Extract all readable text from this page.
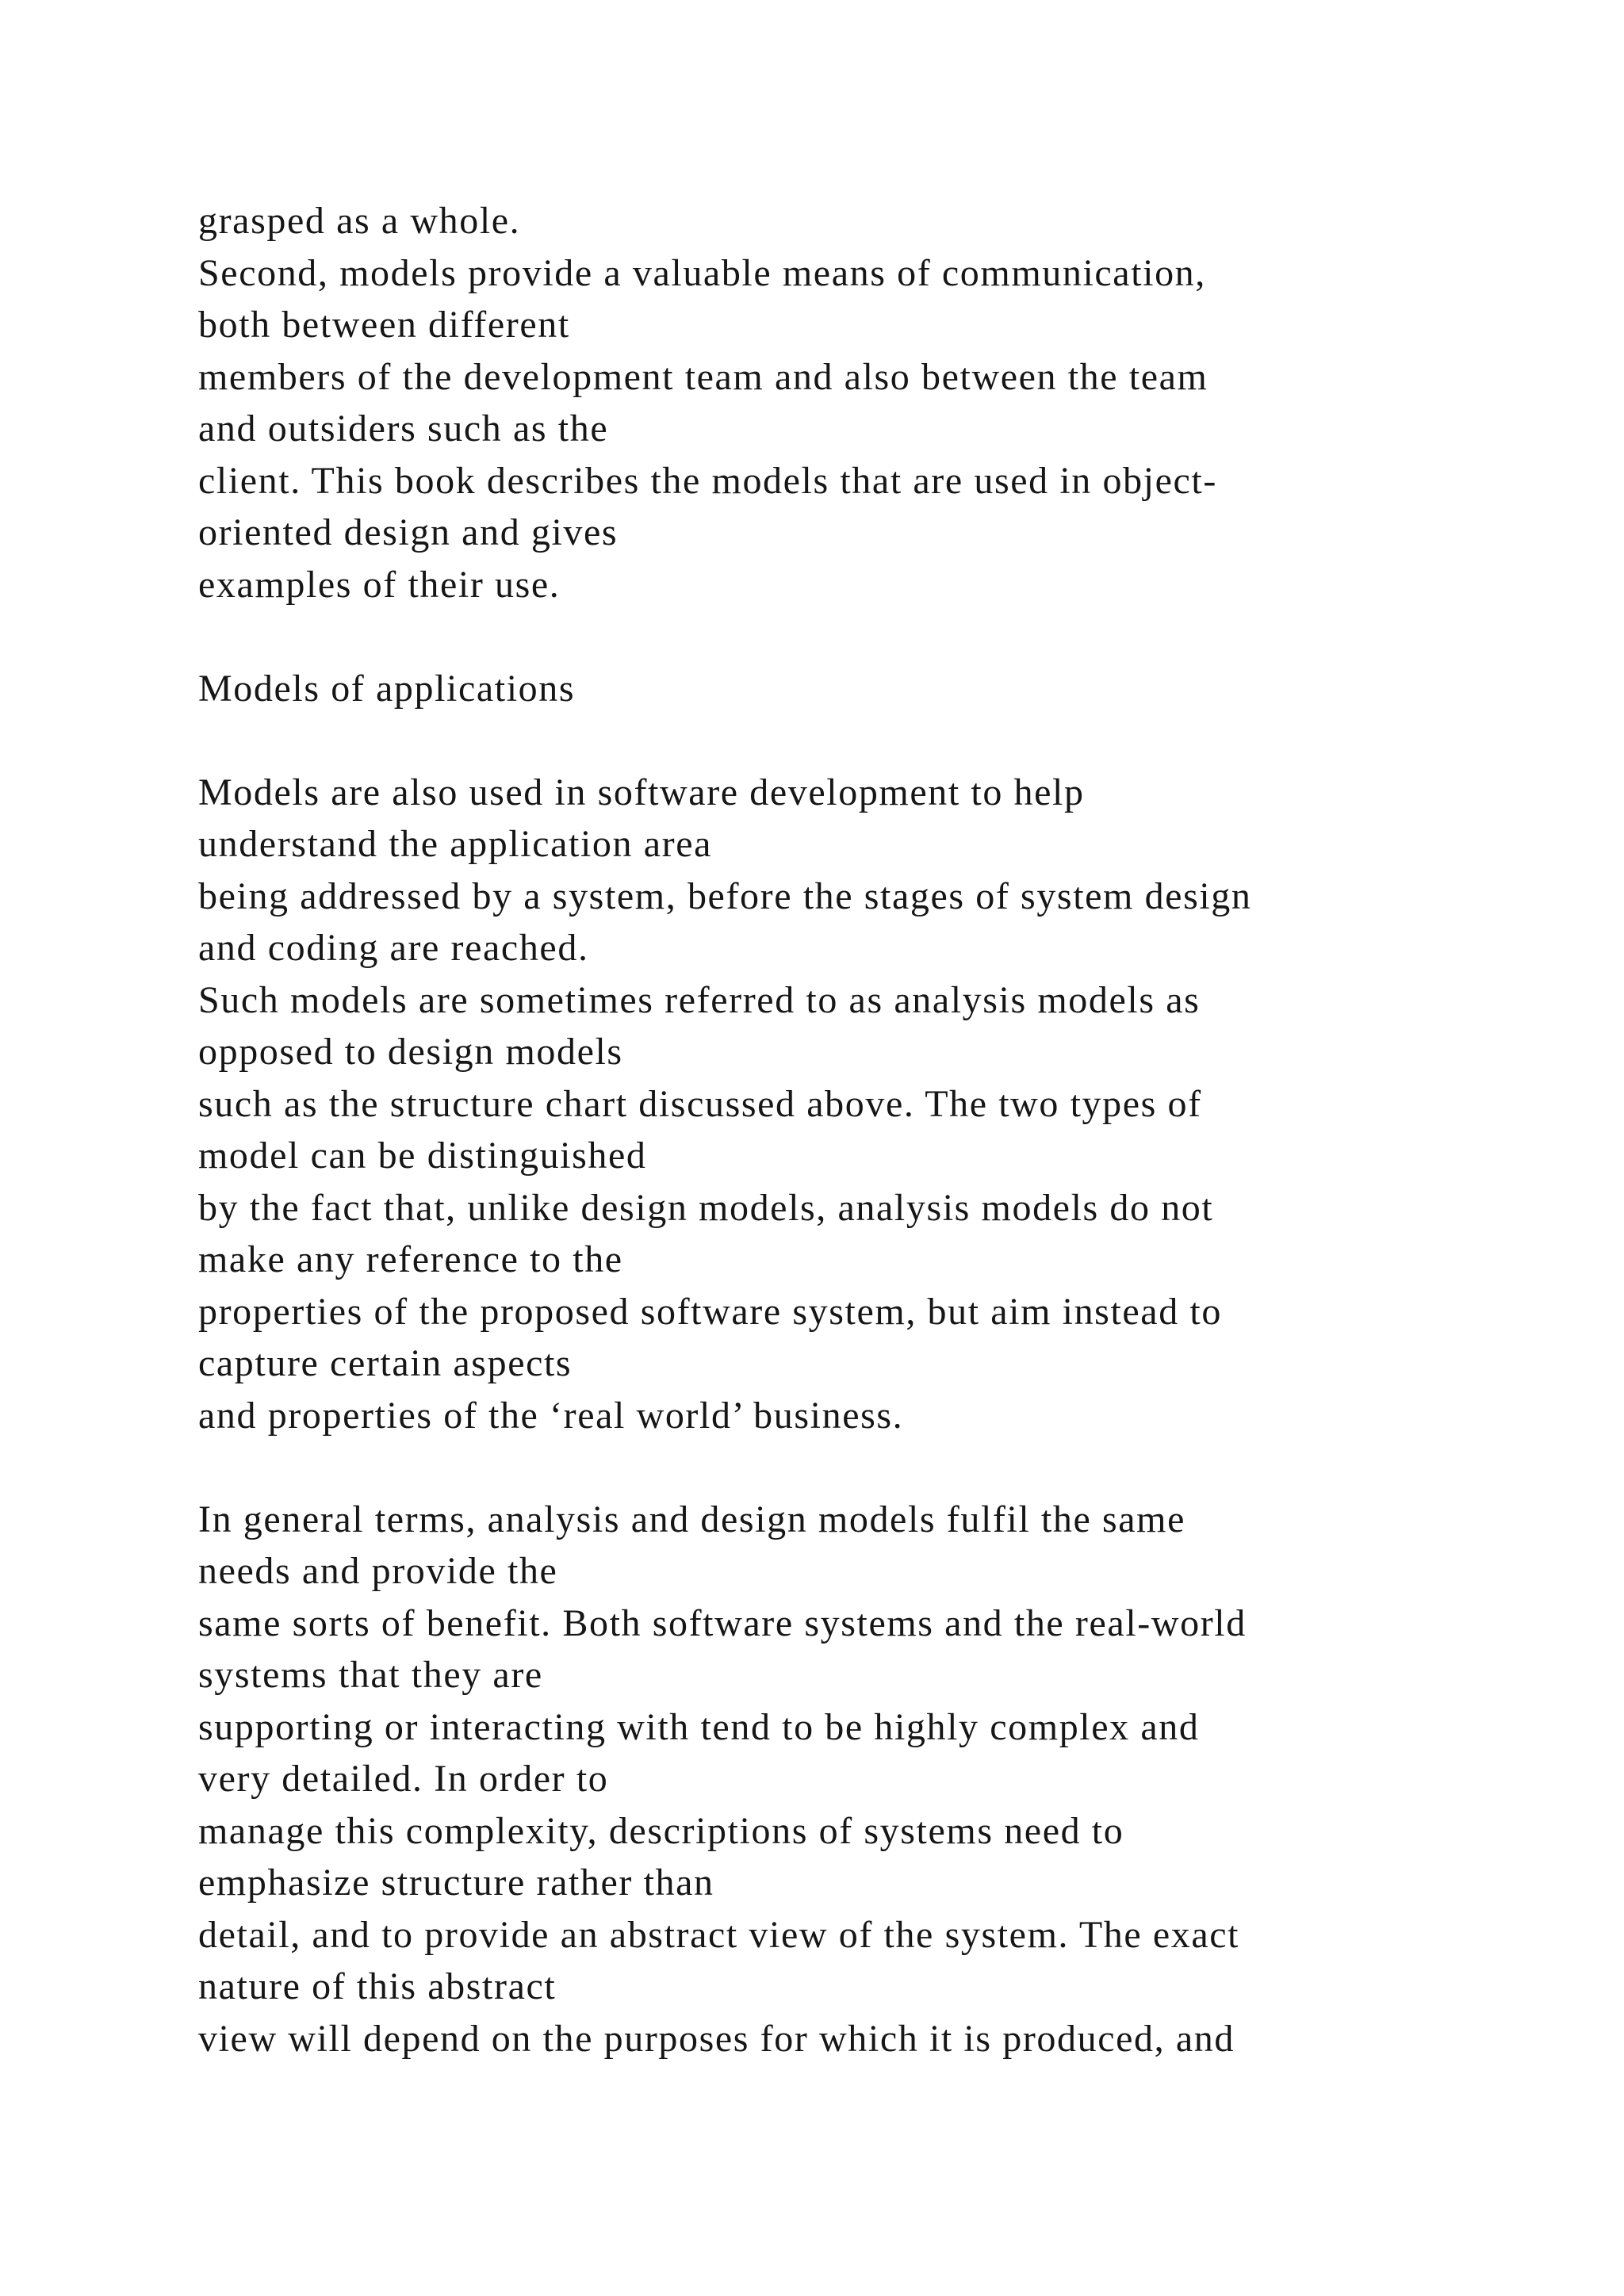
grasped as a whole.
Second, models provide a valuable means of communication,
both between different
members of the development team and also between the team
and outsiders such as the
client. This book describes the models that are used in object-
oriented design and gives
examples of their use.
Models of applications
Models are also used in software development to help
understand the application area
being addressed by a system, before the stages of system design
and coding are reached.
Such models are sometimes referred to as analysis models as
opposed to design models
such as the structure chart discussed above. The two types of
model can be distinguished
by the fact that, unlike design models, analysis models do not
make any reference to the
properties of the proposed software system, but aim instead to
capture certain aspects
and properties of the ‘real world’ business.
In general terms, analysis and design models fulfil the same
needs and provide the
same sorts of benefit. Both software systems and the real-world
systems that they are
supporting or interacting with tend to be highly complex and
very detailed. In order to
manage this complexity, descriptions of systems need to
emphasize structure rather than
detail, and to provide an abstract view of the system. The exact
nature of this abstract
view will depend on the purposes for which it is produced, and
